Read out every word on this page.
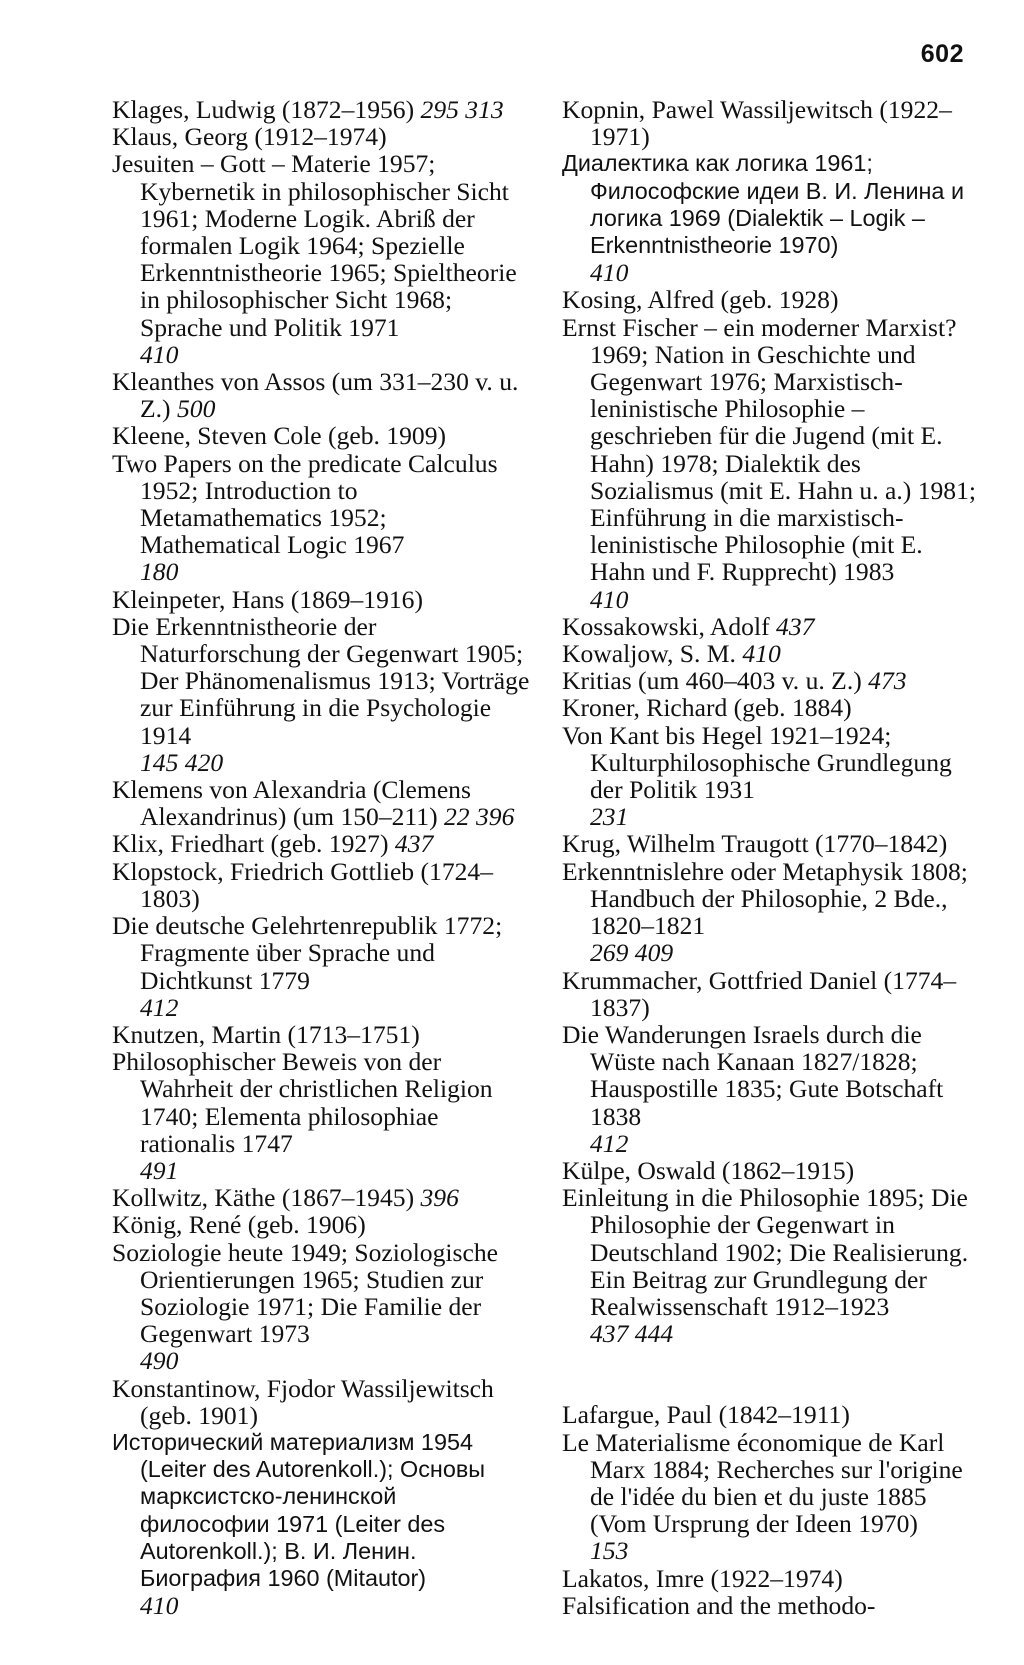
602

Klages, Ludwig (1872–1956) 295 313

Klaus, Georg (1912–1974)
Jesuiten – Gott – Materie 1957; Kybernetik in philosophischer Sicht 1961; Moderne Logik. Abriß der formalen Logik 1964; Spezielle Erkenntnistheorie 1965; Spieltheorie in philosophischer Sicht 1968; Sprache und Politik 1971
410

Kleanthes von Assos (um 331–230 v. u. Z.) 500

Kleene, Steven Cole (geb. 1909)
Two Papers on the predicate Calculus 1952; Introduction to Metamathematics 1952; Mathematical Logic 1967
180

Kleinpeter, Hans (1869–1916)
Die Erkenntnistheorie der Naturforschung der Gegenwart 1905; Der Phänomenalismus 1913; Vorträge zur Einführung in die Psychologie 1914
145 420

Klemens von Alexandria (Clemens Alexandrinus) (um 150–211) 22 396

Klix, Friedhart (geb. 1927) 437

Klopstock, Friedrich Gottlieb (1724–1803)
Die deutsche Gelehrtenrepublik 1772; Fragmente über Sprache und Dichtkunst 1779
412

Knutzen, Martin (1713–1751)
Philosophischer Beweis von der Wahrheit der christlichen Religion 1740; Elementa philosophiae rationalis 1747
491

Kollwitz, Käthe (1867–1945) 396

König, René (geb. 1906)
Soziologie heute 1949; Soziologische Orientierungen 1965; Studien zur Soziologie 1971; Die Familie der Gegenwart 1973
490

Konstantinow, Fjodor Wassiljewitsch (geb. 1901)
Исторический материализм 1954 (Leiter des Autorenkoll.); Основы марксистско-ленинской философии 1971 (Leiter des Autorenkoll.); В. И. Ленин. Биография 1960 (Mitautor)
410

Kopnin, Pawel Wassiljewitsch (1922–1971)
Диалектика как логика 1961; Философские идеи В. И. Ленина и логика 1969 (Dialektik – Logik – Erkenntnistheorie 1970)
410

Kosing, Alfred (geb. 1928)
Ernst Fischer – ein moderner Marxist? 1969; Nation in Geschichte und Gegenwart 1976; Marxistisch-leninistische Philosophie – geschrieben für die Jugend (mit E. Hahn) 1978; Dialektik des Sozialismus (mit E. Hahn u. a.) 1981; Einführung in die marxistisch-leninistische Philosophie (mit E. Hahn und F. Rupprecht) 1983
410

Kossakowski, Adolf 437

Kowaljow, S. M. 410

Kritias (um 460–403 v. u. Z.) 473

Kroner, Richard (geb. 1884)
Von Kant bis Hegel 1921–1924; Kulturphilosophische Grundlegung der Politik 1931
231

Krug, Wilhelm Traugott (1770–1842)
Erkenntnislehre oder Metaphysik 1808; Handbuch der Philosophie, 2 Bde., 1820–1821
269 409

Krummacher, Gottfried Daniel (1774–1837)
Die Wanderungen Israels durch die Wüste nach Kanaan 1827/1828; Hauspostille 1835; Gute Botschaft 1838
412

Külpe, Oswald (1862–1915)
Einleitung in die Philosophie 1895; Die Philosophie der Gegenwart in Deutschland 1902; Die Realisierung. Ein Beitrag zur Grundlegung der Realwissenschaft 1912–1923
437 444

Lafargue, Paul (1842–1911)
Le Materialisme économique de Karl Marx 1884; Recherches sur l'origine de l'idée du bien et du juste 1885 (Vom Ursprung der Ideen 1970)
153

Lakatos, Imre (1922–1974)
Falsification and the methodo-
